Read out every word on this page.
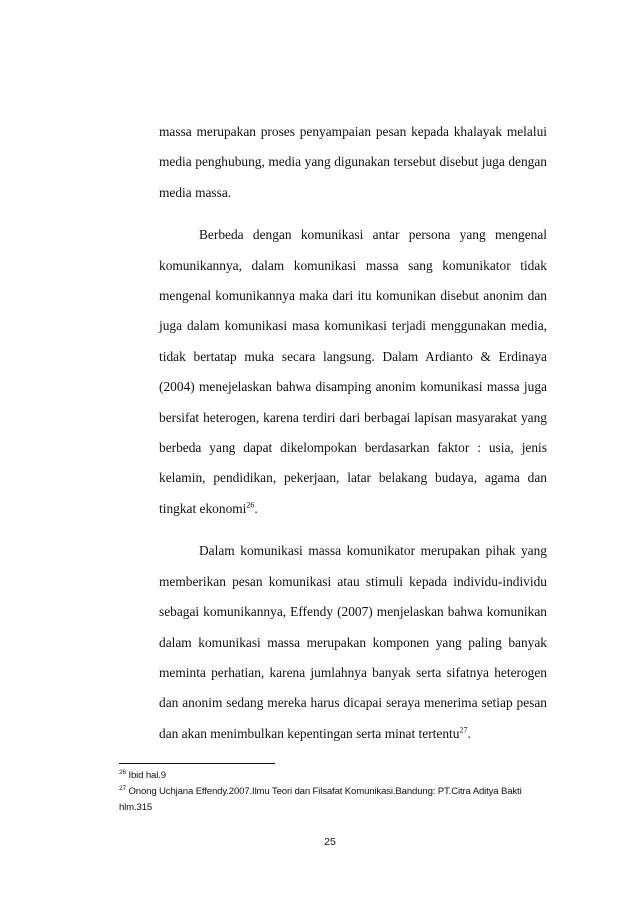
massa merupakan proses penyampaian pesan kepada khalayak melalui media penghubung, media yang digunakan tersebut disebut juga dengan media massa.

Berbeda dengan komunikasi antar persona yang mengenal komunikannya, dalam komunikasi massa sang komunikator tidak mengenal komunikannya maka dari itu komunikan disebut anonim dan juga dalam komunikasi masa komunikasi terjadi menggunakan media, tidak bertatap muka secara langsung. Dalam Ardianto & Erdinaya (2004) menejelaskan bahwa disamping anonim komunikasi massa juga bersifat heterogen, karena terdiri dari berbagai lapisan masyarakat yang berbeda yang dapat dikelompokan berdasarkan faktor : usia, jenis kelamin, pendidikan, pekerjaan, latar belakang budaya, agama dan tingkat ekonomi$^{26}$.

Dalam komunikasi massa komunikator merupakan pihak yang memberikan pesan komunikasi atau stimuli kepada individu-individu sebagai komunikannya, Effendy (2007) menjelaskan bahwa komunikan dalam komunikasi massa merupakan komponen yang paling banyak meminta perhatian, karena jumlahnya banyak serta sifatnya heterogen dan anonim sedang mereka harus dicapai seraya menerima setiap pesan dan akan menimbulkan kepentingan serta minat tertentu$^{27}$.

$^{26}$ Ibid hal.9

$^{27}$ Onong Uchjana Effendy.2007.Ilmu Teori dan Filsafat Komunikasi.Bandung: PT.Citra Aditya Bakti hlm.315

25
